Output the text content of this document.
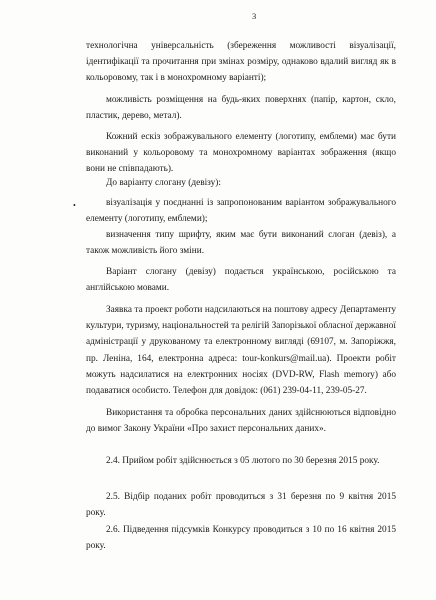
3

технологічна універсальність (збереження можливості візуалізації, ідентифікації та прочитання при змінах розміру, однаково вдалий вигляд як в кольоровому, так і в монохромному варіанті);

можливість розміщення на будь-яких поверхнях (папір, картон, скло, пластик, дерево, метал).

Кожний ескіз зображувального елементу (логотипу, емблеми) має бути виконаний у кольоровому та монохромному варіантах зображення (якщо вони не співпадають).

До варіанту слогану (девізу):

•	візуалізація у поєднанні із запропонованим варіантом зображувального елементу (логотипу, емблеми);

визначення типу шрифту, яким має бути виконаний слоган (девіз), а також можливість його зміни.

Варіант слогану (девізу) подається українською, російською та англійською мовами.

Заявка та проект роботи надсилаються на поштову адресу Департаменту культури, туризму, національностей та релігій Запорізької обласної державної адміністрації у друкованому та електронному вигляді (69107, м. Запоріжжя, пр. Леніна, 164, електронна адреса: tour-konkurs@mail.ua). Проекти робіт можуть надсилатися на електронних носіях (DVD-RW, Flash memory) або подаватися особисто. Телефон для довідок: (061) 239-04-11, 239-05-27.

Використання та обробка персональних даних здійснюються відповідно до вимог Закону України «Про захист персональних даних».

2.4. Прийом робіт здійснюється з 05 лютого по 30 березня 2015 року.

2.5. Відбір поданих робіт проводиться з 31 березня по 9 квітня 2015 року.

2.6. Підведення підсумків Конкурсу проводиться з 10 по 16 квітня 2015 року.
